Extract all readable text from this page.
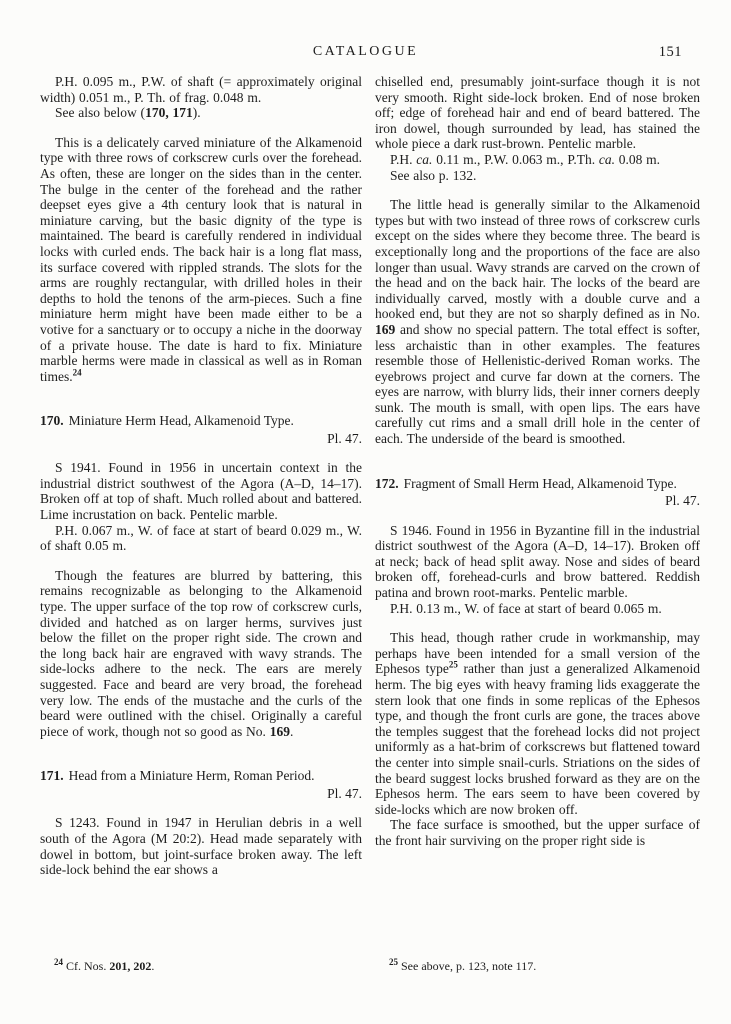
CATALOGUE	151

P.H. 0.095 m., P.W. of shaft (= approximately original width) 0.051 m., P. Th. of frag. 0.048 m.

See also below (170, 171).

This is a delicately carved miniature of the Alkamenoid type with three rows of corkscrew curls over the forehead. As often, these are longer on the sides than in the center. The bulge in the center of the forehead and the rather deepset eyes give a 4th century look that is natural in miniature carving, but the basic dignity of the type is maintained. The beard is carefully rendered in individual locks with curled ends. The back hair is a long flat mass, its surface covered with rippled strands. The slots for the arms are roughly rectangular, with drilled holes in their depths to hold the tenons of the arm-pieces. Such a fine miniature herm might have been made either to be a votive for a sanctuary or to occupy a niche in the doorway of a private house. The date is hard to fix. Miniature marble herms were made in classical as well as in Roman times.$^{24}$

170. Miniature Herm Head, Alkamenoid Type.
Pl. 47.

S 1941. Found in 1956 in uncertain context in the industrial district southwest of the Agora (A–D, 14–17). Broken off at top of shaft. Much rolled about and battered. Lime incrustation on back. Pentelic marble.

P.H. 0.067 m., W. of face at start of beard 0.029 m., W. of shaft 0.05 m.

Though the features are blurred by battering, this remains recognizable as belonging to the Alkamenoid type. The upper surface of the top row of corkscrew curls, divided and hatched as on larger herms, survives just below the fillet on the proper right side. The crown and the long back hair are engraved with wavy strands. The side-locks adhere to the neck. The ears are merely suggested. Face and beard are very broad, the forehead very low. The ends of the mustache and the curls of the beard were outlined with the chisel. Originally a careful piece of work, though not so good as No. 169.

171. Head from a Miniature Herm, Roman Period.
Pl. 47.

S 1243. Found in 1947 in Herulian debris in a well south of the Agora (M 20:2). Head made separately with dowel in bottom, but joint-surface broken away. The left side-lock behind the ear shows a

chiselled end, presumably joint-surface though it is not very smooth. Right side-lock broken. End of nose broken off; edge of forehead hair and end of beard battered. The iron dowel, though surrounded by lead, has stained the whole piece a dark rust-brown. Pentelic marble.

P.H. ca. 0.11 m., P.W. 0.063 m., P.Th. ca. 0.08 m.

See also p. 132.

The little head is generally similar to the Alkamenoid types but with two instead of three rows of corkscrew curls except on the sides where they become three. The beard is exceptionally long and the proportions of the face are also longer than usual. Wavy strands are carved on the crown of the head and on the back hair. The locks of the beard are individually carved, mostly with a double curve and a hooked end, but they are not so sharply defined as in No. 169 and show no special pattern. The total effect is softer, less archaistic than in other examples. The features resemble those of Hellenistic-derived Roman works. The eyebrows project and curve far down at the corners. The eyes are narrow, with blurry lids, their inner corners deeply sunk. The mouth is small, with open lips. The ears have carefully cut rims and a small drill hole in the center of each. The underside of the beard is smoothed.

172. Fragment of Small Herm Head, Alkamenoid Type.
Pl. 47.

S 1946. Found in 1956 in Byzantine fill in the industrial district southwest of the Agora (A–D, 14–17). Broken off at neck; back of head split away. Nose and sides of beard broken off, forehead-curls and brow battered. Reddish patina and brown root-marks. Pentelic marble.

P.H. 0.13 m., W. of face at start of beard 0.065 m.

This head, though rather crude in workmanship, may perhaps have been intended for a small version of the Ephesos type$^{25}$ rather than just a generalized Alkamenoid herm. The big eyes with heavy framing lids exaggerate the stern look that one finds in some replicas of the Ephesos type, and though the front curls are gone, the traces above the temples suggest that the forehead locks did not project uniformly as a hat-brim of corkscrews but flattened toward the center into simple snail-curls. Striations on the sides of the beard suggest locks brushed forward as they are on the Ephesos herm. The ears seem to have been covered by side-locks which are now broken off.

The face surface is smoothed, but the upper surface of the front hair surviving on the proper right side is

$^{24}$ Cf. Nos. 201, 202.	$^{25}$ See above, p. 123, note 117.
